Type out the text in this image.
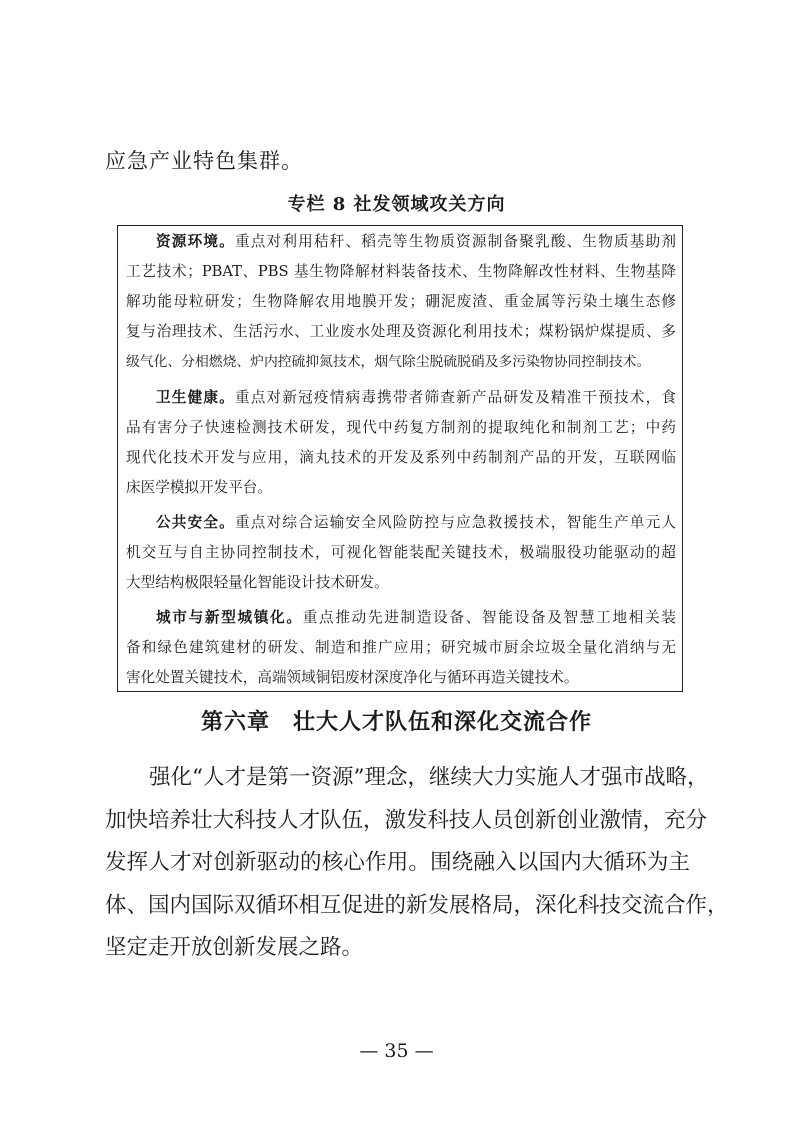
应急产业特色集群。
专栏 8 社发领域攻关方向
资源环境。重点对利用秸秆、稻壳等生物质资源制备聚乳酸、生物质基助剂
工艺技术；PBAT、PBS 基生物降解材料装备技术、生物降解改性材料、生物基降
解功能母粒研发；生物降解农用地膜开发；硼泥废渣、重金属等污染土壤生态修
复与治理技术、生活污水、工业废水处理及资源化利用技术；煤粉锅炉煤提质、多
级气化、分相燃烧、炉内控硫抑氮技术，烟气除尘脱硫脱硝及多污染物协同控制技术。
卫生健康。重点对新冠疫情病毒携带者筛查新产品研发及精准干预技术，食
品有害分子快速检测技术研发，现代中药复方制剂的提取纯化和制剂工艺；中药
现代化技术开发与应用，滴丸技术的开发及系列中药制剂产品的开发，互联网临
床医学模拟开发平台。
公共安全。重点对综合运输安全风险防控与应急救援技术，智能生产单元人
机交互与自主协同控制技术，可视化智能装配关键技术，极端服役功能驱动的超
大型结构极限轻量化智能设计技术研发。
城市与新型城镇化。重点推动先进制造设备、智能设备及智慧工地相关装
备和绿色建筑建材的研发、制造和推广应用；研究城市厨余垃圾全量化消纳与无
害化处置关键技术，高端领域铜铝废材深度净化与循环再造关键技术。
第六章　壮大人才队伍和深化交流合作
强化“人才是第一资源”理念，继续大力实施人才强市战略，
加快培养壮大科技人才队伍，激发科技人员创新创业激情，充分
发挥人才对创新驱动的核心作用。围绕融入以国内大循环为主
体、国内国际双循环相互促进的新发展格局，深化科技交流合作，
坚定走开放创新发展之路。
— 35 —
